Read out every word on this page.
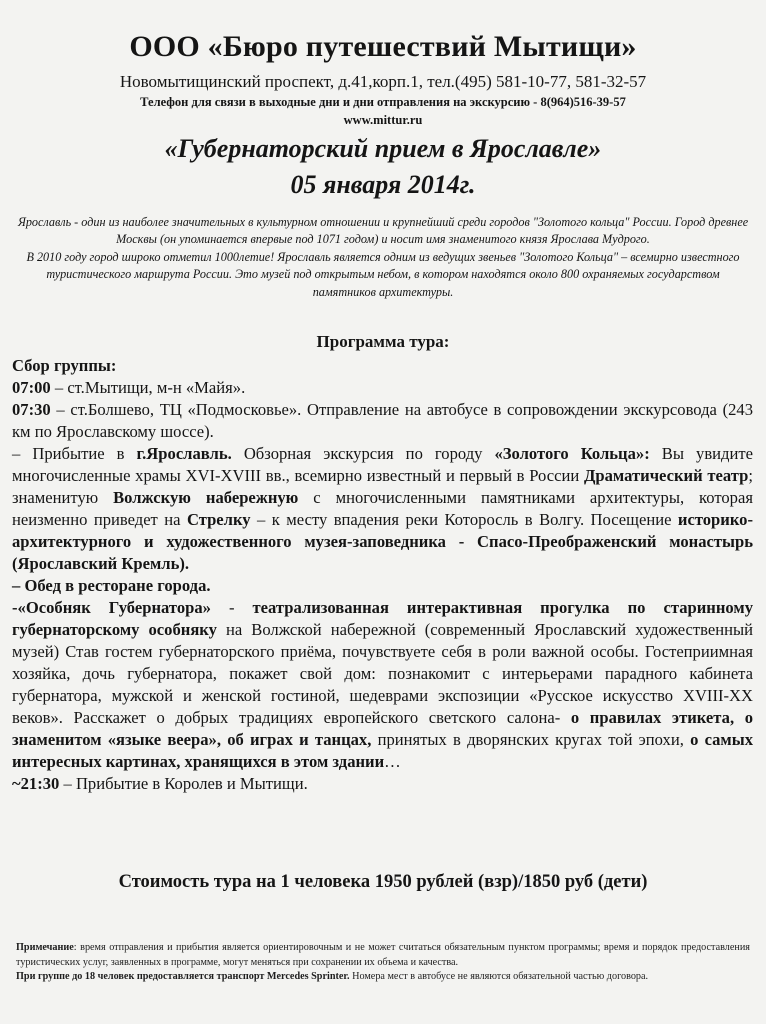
ООО «Бюро путешествий Мытищи»
Новомытищинский проспект, д.41,корп.1, тел.(495) 581-10-77, 581-32-57
Телефон для связи в выходные дни и дни отправления на экскурсию - 8(964)516-39-57
www.mittur.ru
«Губернаторский прием в Ярославле»
05 января 2014г.

Ярославль - один из наиболее значительных в культурном отношении и крупнейший среди городов "Золотого кольца" России. Город древнее Москвы (он упоминается впервые под 1071 годом) и носит имя знаменитого князя Ярослава Мудрого.

В 2010 году город широко отметил 1000летие! Ярославль является одним из ведущих звеньев "Золотого Кольца" – всемирно известного туристического маршрута России. Это музей под открытым небом, в котором находятся около 800 охраняемых государством памятников архитектуры.

Программа тура:

Сбор группы:

07:00 – ст.Мытищи, м-н «Майя».

07:30 – ст.Болшево, ТЦ «Подмосковье». Отправление на автобусе в сопровождении экскурсовода (243 км по Ярославскому шоссе).

– Прибытие в г.Ярославль. Обзорная экскурсия по городу «Золотого Кольца»: Вы увидите многочисленные храмы XVI-XVIII вв., всемирно известный и первый в России Драматический театр; знаменитую Волжскую набережную с многочисленными памятниками архитектуры, которая неизменно приведет на Стрелку – к месту впадения реки Которосль в Волгу. Посещение историко-архитектурного и художественного музея-заповедника - Спасо-Преображенский монастырь (Ярославский Кремль).

– Обед в ресторане города.

-«Особняк Губернатора» - театрализованная интерактивная прогулка по старинному губернаторскому особняку на Волжской набережной (современный Ярославский художественный музей) Став гостем губернаторского приёма, почувствуете себя в роли важной особы. Гостеприимная хозяйка, дочь губернатора, покажет свой дом: познакомит с интерьерами парадного кабинета губернатора, мужской и женской гостиной, шедеврами экспозиции «Русское искусство XVIII-XX веков». Расскажет о добрых традициях европейского светского салона- о правилах этикета, о знаменитом «языке веера», об играх и танцах, принятых в дворянских кругах той эпохи, о самых интересных картинах, хранящихся в этом здании…

~21:30 – Прибытие в Королев и Мытищи.

Стоимость тура на 1 человека 1950 рублей (взр)/1850 руб (дети)

Примечание: время отправления и прибытия является ориентировочным и не может считаться обязательным пунктом программы; время и порядок предоставления туристических услуг, заявленных в программе, могут меняться при сохранении их объема и качества.

При группе до 18 человек предоставляется транспорт Mercedes Sprinter. Номера мест в автобусе не являются обязательной частью договора.
